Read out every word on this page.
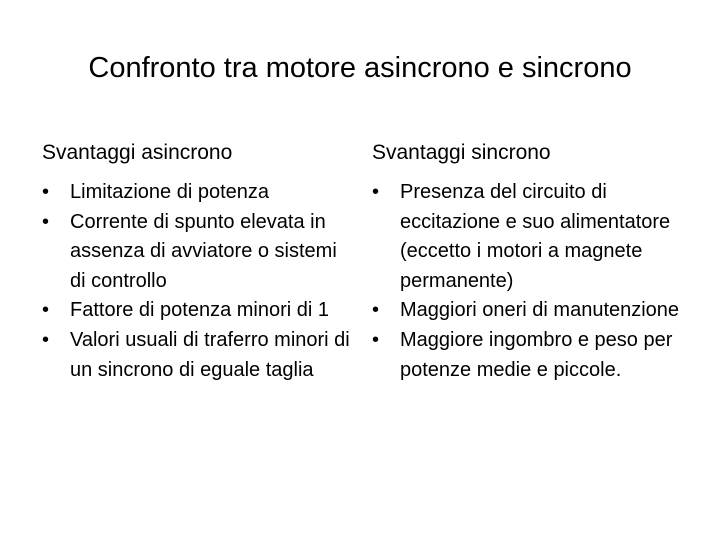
Confronto tra motore asincrono e sincrono
Svantaggi asincrono
•	Limitazione di potenza
•	Corrente di spunto elevata in assenza di avviatore o sistemi di controllo
•	Fattore di potenza minori di 1
•	Valori usuali di traferro minori di un sincrono di eguale taglia
Svantaggi sincrono
•	Presenza del circuito di eccitazione e suo alimentatore (eccetto i motori a magnete permanente)
•	Maggiori oneri di manutenzione
•	Maggiore ingombro e peso per potenze medie e piccole.
